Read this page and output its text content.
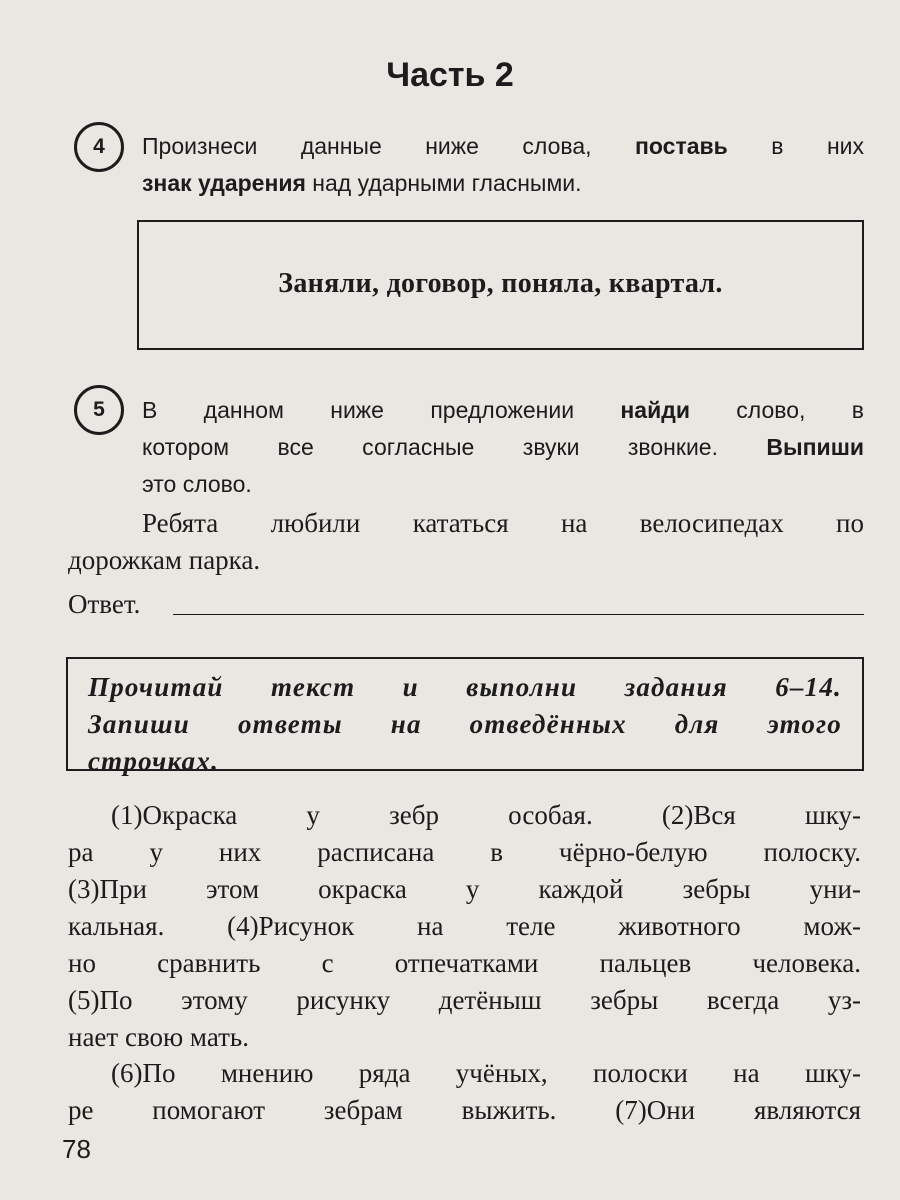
Часть 2
4	Произнеси данные ниже слова, поставь в них
знак ударения над ударными гласными.
Заняли, договор, поняла, квартал.
5	В данном ниже предложении найди слово, в
котором все согласные звуки звонкие. Выпиши
это слово.
Ребята любили кататься на велосипедах по
дорожкам парка.
Ответ.
Прочитай текст и выполни задания 6–14.
Запиши ответы на отведённых для этого
строчках.
(1)Окраска у зебр особая. (2)Вся шку-
ра у них расписана в чёрно-белую полоску.
(3)При этом окраска у каждой зебры уни-
кальная. (4)Рисунок на теле животного мож-
но сравнить с отпечатками пальцев человека.
(5)По этому рисунку детёныш зебры всегда уз-
нает свою мать.
(6)По мнению ряда учёных, полоски на шку-
ре помогают зебрам выжить. (7)Они являются
78
